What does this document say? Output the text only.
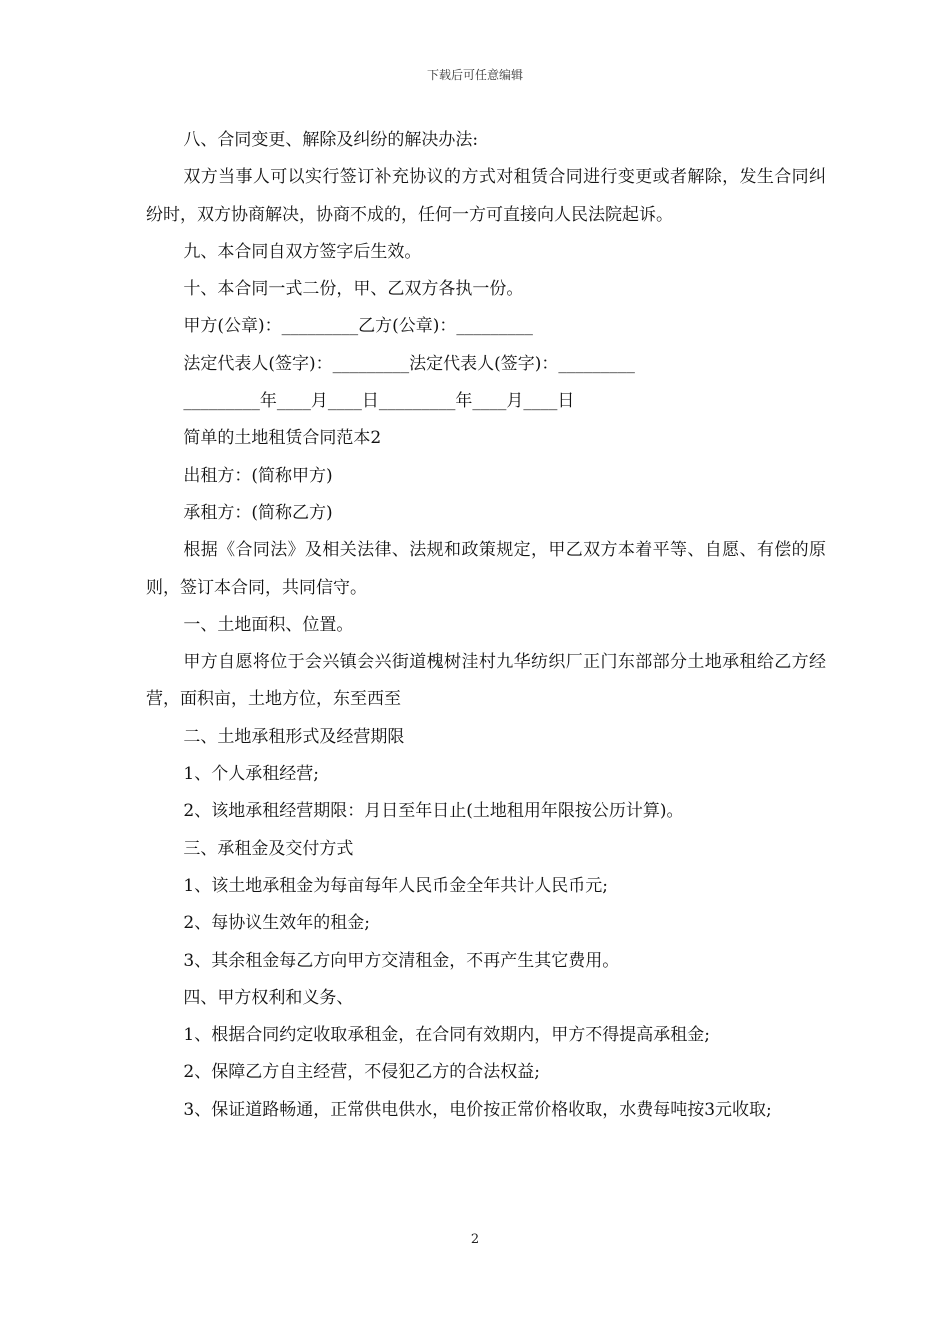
下载后可任意编辑

八、合同变更、解除及纠纷的解决办法:

双方当事人可以实行签订补充协议的方式对租赁合同进行变更或者解除，发生合同纠纷时，双方协商解决，协商不成的，任何一方可直接向人民法院起诉。

九、本合同自双方签字后生效。

十、本合同一式二份，甲、乙双方各执一份。

甲方(公章)：_________乙方(公章)：_________

法定代表人(签字)：_________法定代表人(签字)：_________

_________年____月____日_________年____月____日

简单的土地租赁合同范本2

出租方：(简称甲方)

承租方：(简称乙方)

根据《合同法》及相关法律、法规和政策规定，甲乙双方本着平等、自愿、有偿的原则，签订本合同，共同信守。

一、土地面积、位置。

甲方自愿将位于会兴镇会兴街道槐树洼村九华纺织厂正门东部部分土地承租给乙方经营，面积亩，土地方位，东至西至

二、土地承租形式及经营期限

1、个人承租经营;

2、该地承租经营期限：月日至年日止(土地租用年限按公历计算)。

三、承租金及交付方式

1、该土地承租金为每亩每年人民币金全年共计人民币元;

2、每协议生效年的租金;

3、其余租金每乙方向甲方交清租金，不再产生其它费用。

四、甲方权利和义务、

1、根据合同约定收取承租金，在合同有效期内，甲方不得提高承租金;

2、保障乙方自主经营，不侵犯乙方的合法权益;

3、保证道路畅通，正常供电供水，电价按正常价格收取，水费每吨按3元收取;

2
